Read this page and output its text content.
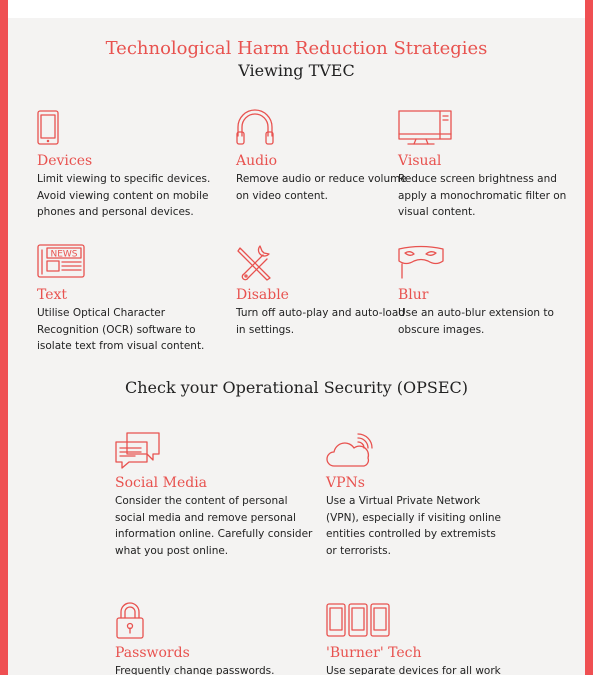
Technological Harm Reduction Strategies
Viewing TVEC
Devices
Limit viewing to specific devices. Avoid viewing content on mobile phones and personal devices.
Audio
Remove audio or reduce volume on video content.
Visual
Reduce screen brightness and apply a monochromatic filter on visual content.
NEWS
Text
Utilise Optical Character Recognition (OCR) software to isolate text from visual content.
Disable
Turn off auto-play and auto-load in settings.
Blur
Use an auto-blur extension to obscure images.
Check your Operational Security (OPSEC)
Social Media
Consider the content of personal social media and remove personal information online. Carefully consider what you post online.
VPNs
Use a Virtual Private Network (VPN), especially if visiting online entities controlled by extremists or terrorists.
Passwords
Frequently change passwords.
'Burner' Tech
Use separate devices for all work
